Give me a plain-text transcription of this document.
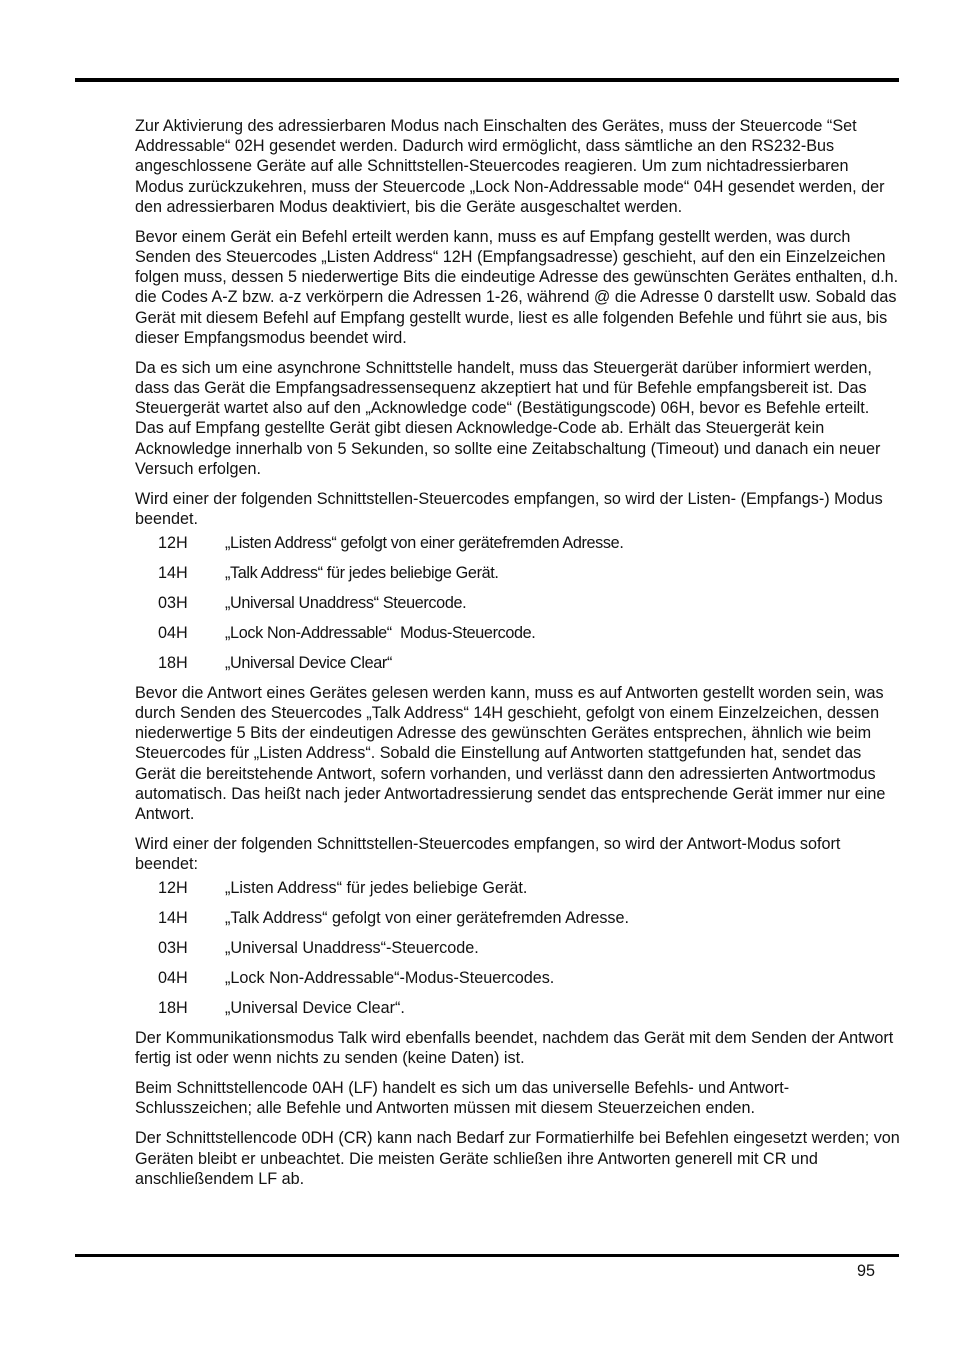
Zur Aktivierung des adressierbaren Modus nach Einschalten des Gerätes, muss der Steuercode “Set Addressable“ 02H gesendet werden. Dadurch wird ermöglicht, dass sämtliche an den RS232-Bus angeschlossene Geräte auf alle Schnittstellen-Steuercodes reagieren. Um zum nichtadressierbaren Modus zurückzukehren, muss der Steuercode „Lock Non-Addressable mode“ 04H gesendet werden, der den adressierbaren Modus deaktiviert, bis die Geräte ausgeschaltet werden.

Bevor einem Gerät ein Befehl erteilt werden kann, muss es auf Empfang gestellt werden, was durch Senden des Steuercodes „Listen Address“ 12H (Empfangsadresse) geschieht, auf den ein Einzelzeichen folgen muss, dessen 5 niederwertige Bits die eindeutige Adresse des gewünschten Gerätes enthalten, d.h. die Codes A-Z bzw. a-z verkörpern die Adressen 1-26, während @ die Adresse 0 darstellt usw. Sobald das Gerät mit diesem Befehl auf Empfang gestellt wurde, liest es alle folgenden Befehle und führt sie aus, bis dieser Empfangsmodus beendet wird.

Da es sich um eine asynchrone Schnittstelle handelt, muss das Steuergerät darüber informiert werden, dass das Gerät die Empfangsadressensequenz akzeptiert hat und für Befehle empfangsbereit ist. Das Steuergerät wartet also auf den „Acknowledge code“ (Bestätigungscode) 06H, bevor es Befehle erteilt. Das auf Empfang gestellte Gerät gibt diesen Acknowledge-Code ab. Erhält das Steuergerät kein Acknowledge innerhalb von 5 Sekunden, so sollte eine Zeitabschaltung (Timeout) und danach ein neuer Versuch erfolgen.

Wird einer der folgenden Schnittstellen-Steuercodes empfangen, so wird der Listen- (Empfangs-) Modus beendet.

12H	„Listen Address“ gefolgt von einer gerätefremden Adresse.
14H	„Talk Address“ für jedes beliebige Gerät.
03H	„Universal Unaddress“ Steuercode.
04H	„Lock Non-Addressable“  Modus-Steuercode.
18H	„Universal Device Clear“

Bevor die Antwort eines Gerätes gelesen werden kann, muss es auf Antworten gestellt worden sein, was durch Senden des Steuercodes „Talk Address“ 14H geschieht, gefolgt von einem Einzelzeichen, dessen niederwertige 5 Bits der eindeutigen Adresse des gewünschten Gerätes entsprechen, ähnlich wie beim Steuercodes für „Listen Address“. Sobald die Einstellung auf Antworten stattgefunden hat, sendet das Gerät die bereitstehende Antwort, sofern vorhanden, und verlässt dann den adressierten Antwortmodus automatisch. Das heißt nach jeder Antwortadressierung sendet das entsprechende Gerät immer nur eine Antwort.

Wird einer der folgenden Schnittstellen-Steuercodes empfangen, so wird der Antwort-Modus sofort beendet:

12H	„Listen Address“ für jedes beliebige Gerät.
14H	„Talk Address“ gefolgt von einer gerätefremden Adresse.
03H	„Universal Unaddress“-Steuercode.
04H	„Lock Non-Addressable“-Modus-Steuercodes.
18H	„Universal Device Clear“.

Der Kommunikationsmodus Talk wird ebenfalls beendet, nachdem das Gerät mit dem Senden der Antwort fertig ist oder wenn nichts zu senden (keine Daten) ist.

Beim Schnittstellencode 0AH (LF) handelt es sich um das universelle Befehls- und Antwort-Schlusszeichen; alle Befehle und Antworten müssen mit diesem Steuerzeichen enden.

Der Schnittstellencode 0DH (CR) kann nach Bedarf zur Formatierhilfe bei Befehlen eingesetzt werden; von Geräten bleibt er unbeachtet. Die meisten Geräte schließen ihre Antworten generell mit CR und anschließendem LF ab.

95
